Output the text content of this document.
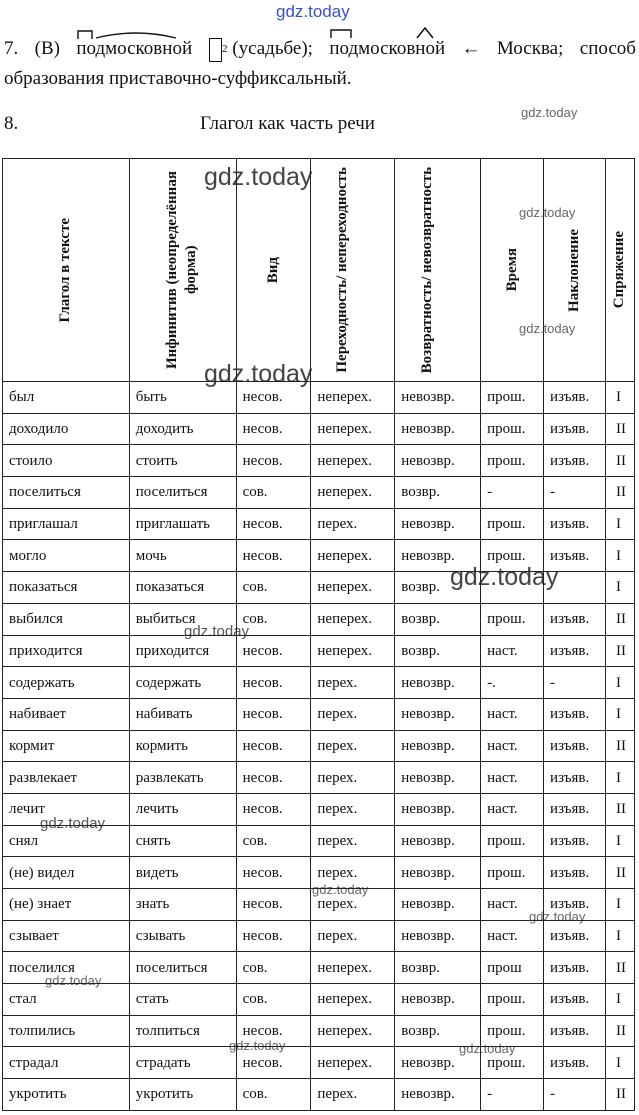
gdz.today
gdz.today
gdz.today
gdz.today
gdz.today
gdz.today
gdz.today
gdz.today
gdz.today
gdz.today
gdz.today
gdz.today
gdz.today	gdz.today
7. (В) подмосковной	$^2$ (усадьбе); подмосковной ← Москва; способ
образования приставочно-суффиксальный.
8.	Глагол как часть речи
Глагол в тексте	Инфинитив (неопределённая форма)	Вид	Переходность/ непереходность	Возвратность/ невозвратность	Время	Наклонение	Спряжение

был	быть	несов.	неперех.	невозвр.	прош.	изъяв.	I
доходило	доходить	несов.	неперех.	невозвр.	прош.	изъяв.	II
стоило	стоить	несов.	неперех.	невозвр.	прош.	изъяв.	II
поселиться	поселиться	сов.	неперех.	возвр.	-	-	II
приглашал	приглашать	несов.	перех.	невозвр.	прош.	изъяв.	I
могло	мочь	несов.	неперех.	невозвр.	прош.	изъяв.	I
показаться	показаться	сов.	неперех.	возвр.			I
выбился	выбиться	сов.	неперех.	возвр.	прош.	изъяв.	II
приходится	приходится	несов.	неперех.	возвр.	наст.	изъяв.	II
содержать	содержать	несов.	перех.	невозвр.	-.	-	I
набивает	набивать	несов.	перех.	невозвр.	наст.	изъяв.	I
кормит	кормить	несов.	перех.	невозвр.	наст.	изъяв.	II
развлекает	развлекать	несов.	перех.	невозвр.	наст.	изъяв.	I
лечит	лечить	несов.	перех.	невозвр.	наст.	изъяв.	II
снял	снять	сов.	перех.	невозвр.	прош.	изъяв.	I
(не) видел	видеть	несов.	перех.	невозвр.	прош.	изъяв.	II
(не) знает	знать	несов.	перех.	невозвр.	наст.	изъяв.	I
сзывает	сзывать	несов.	перех.	невозвр.	наст.	изъяв.	I
поселился	поселиться	сов.	неперех.	возвр.	прош	изъяв.	II
стал	стать	сов.	неперех.	невозвр.	прош.	изъяв.	I
толпились	толпиться	несов.	неперех.	возвр.	прош.	изъяв.	II
страдал	страдать	несов.	неперех.	невозвр.	прош.	изъяв.	I
укротить	укротить	сов.	перех.	невозвр.	-	-	II
